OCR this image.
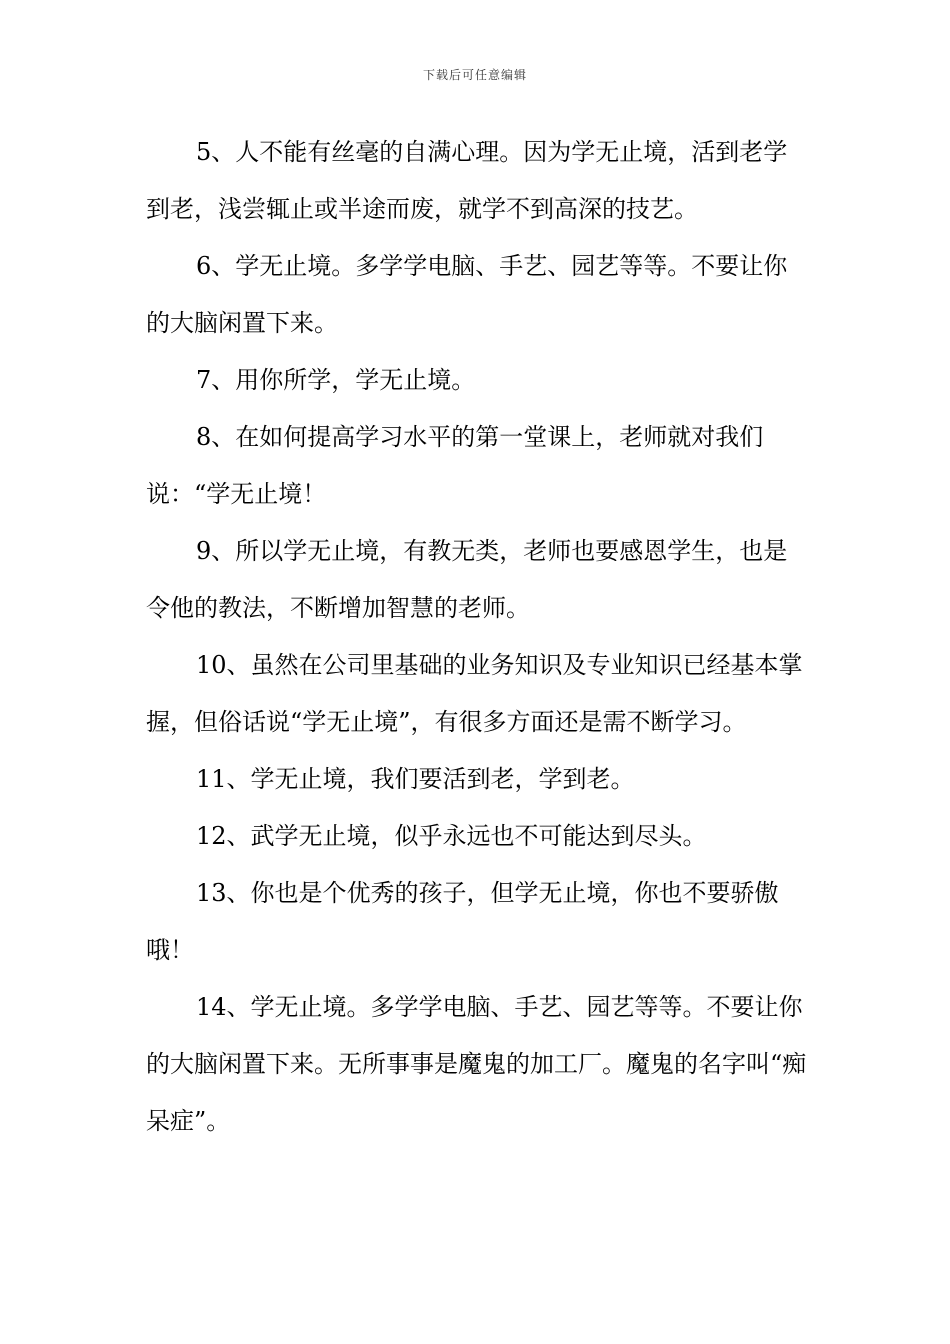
下载后可任意编辑

5、人不能有丝毫的自满心理。因为学无止境，活到老学到老，浅尝辄止或半途而废，就学不到高深的技艺。

6、学无止境。多学学电脑、手艺、园艺等等。不要让你的大脑闲置下来。

7、用你所学，学无止境。

8、在如何提高学习水平的第一堂课上，老师就对我们说：“学无止境！

9、所以学无止境，有教无类，老师也要感恩学生，也是令他的教法，不断增加智慧的老师。

10、虽然在公司里基础的业务知识及专业知识已经基本掌握，但俗话说“学无止境”，有很多方面还是需不断学习。

11、学无止境，我们要活到老，学到老。

12、武学无止境，似乎永远也不可能达到尽头。

13、你也是个优秀的孩子，但学无止境，你也不要骄傲哦！

14、学无止境。多学学电脑、手艺、园艺等等。不要让你的大脑闲置下来。无所事事是魔鬼的加工厂。魔鬼的名字叫“痴呆症”。
